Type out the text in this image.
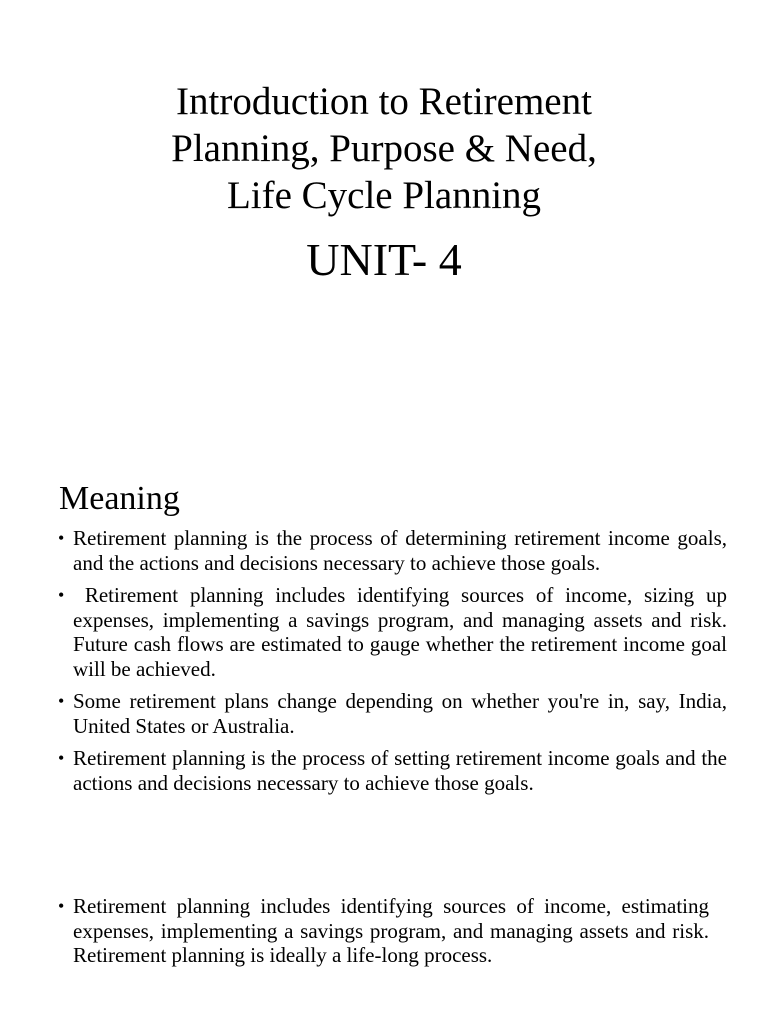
Introduction to Retirement
Planning, Purpose & Need,
Life Cycle Planning
UNIT- 4
Meaning
• Retirement planning is the process of determining retirement income goals, and the actions and decisions necessary to achieve those goals.
• Retirement planning includes identifying sources of income, sizing up expenses, implementing a savings program, and managing assets and risk. Future cash flows are estimated to gauge whether the retirement income goal will be achieved.
• Some retirement plans change depending on whether you're in, say, India, United States or Australia.
• Retirement planning is the process of setting retirement income goals and the actions and decisions necessary to achieve those goals.
• Retirement planning includes identifying sources of income, estimating expenses, implementing a savings program, and managing assets and risk. Retirement planning is ideally a life-long process.
